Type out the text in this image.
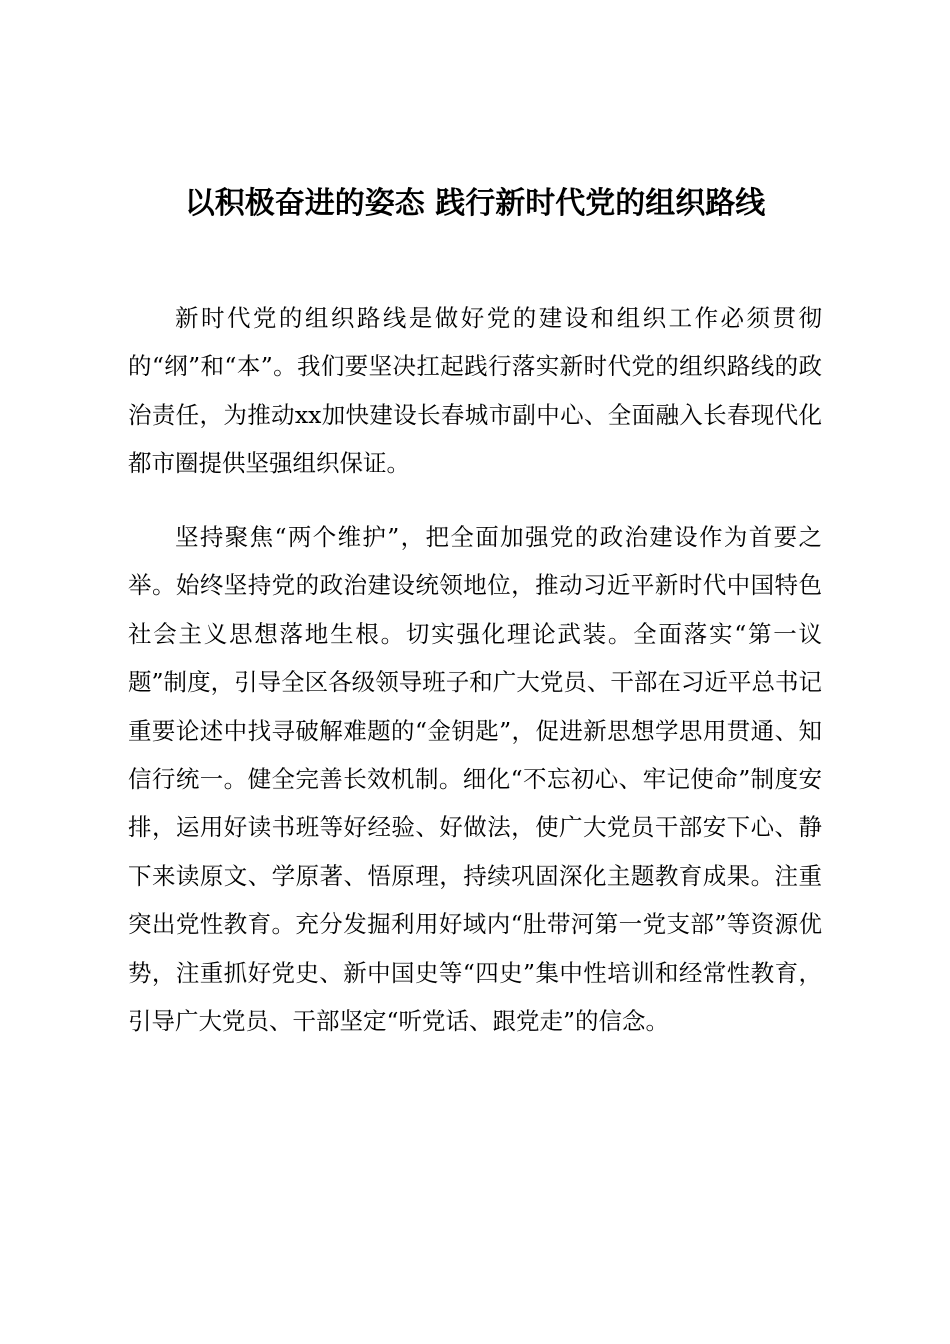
以积极奋进的姿态 践行新时代党的组织路线

新时代党的组织路线是做好党的建设和组织工作必须贯彻的“纲”和“本”。我们要坚决扛起践行落实新时代党的组织路线的政治责任，为推动xx加快建设长春城市副中心、全面融入长春现代化都市圈提供坚强组织保证。

坚持聚焦“两个维护”，把全面加强党的政治建设作为首要之举。始终坚持党的政治建设统领地位，推动习近平新时代中国特色社会主义思想落地生根。切实强化理论武装。全面落实“第一议题”制度，引导全区各级领导班子和广大党员、干部在习近平总书记重要论述中找寻破解难题的“金钥匙”，促进新思想学思用贯通、知信行统一。健全完善长效机制。细化“不忘初心、牢记使命”制度安排，运用好读书班等好经验、好做法，使广大党员干部安下心、静下来读原文、学原著、悟原理，持续巩固深化主题教育成果。注重突出党性教育。充分发掘利用好域内“肚带河第一党支部”等资源优势，注重抓好党史、新中国史等“四史”集中性培训和经常性教育，引导广大党员、干部坚定“听党话、跟党走”的信念。
